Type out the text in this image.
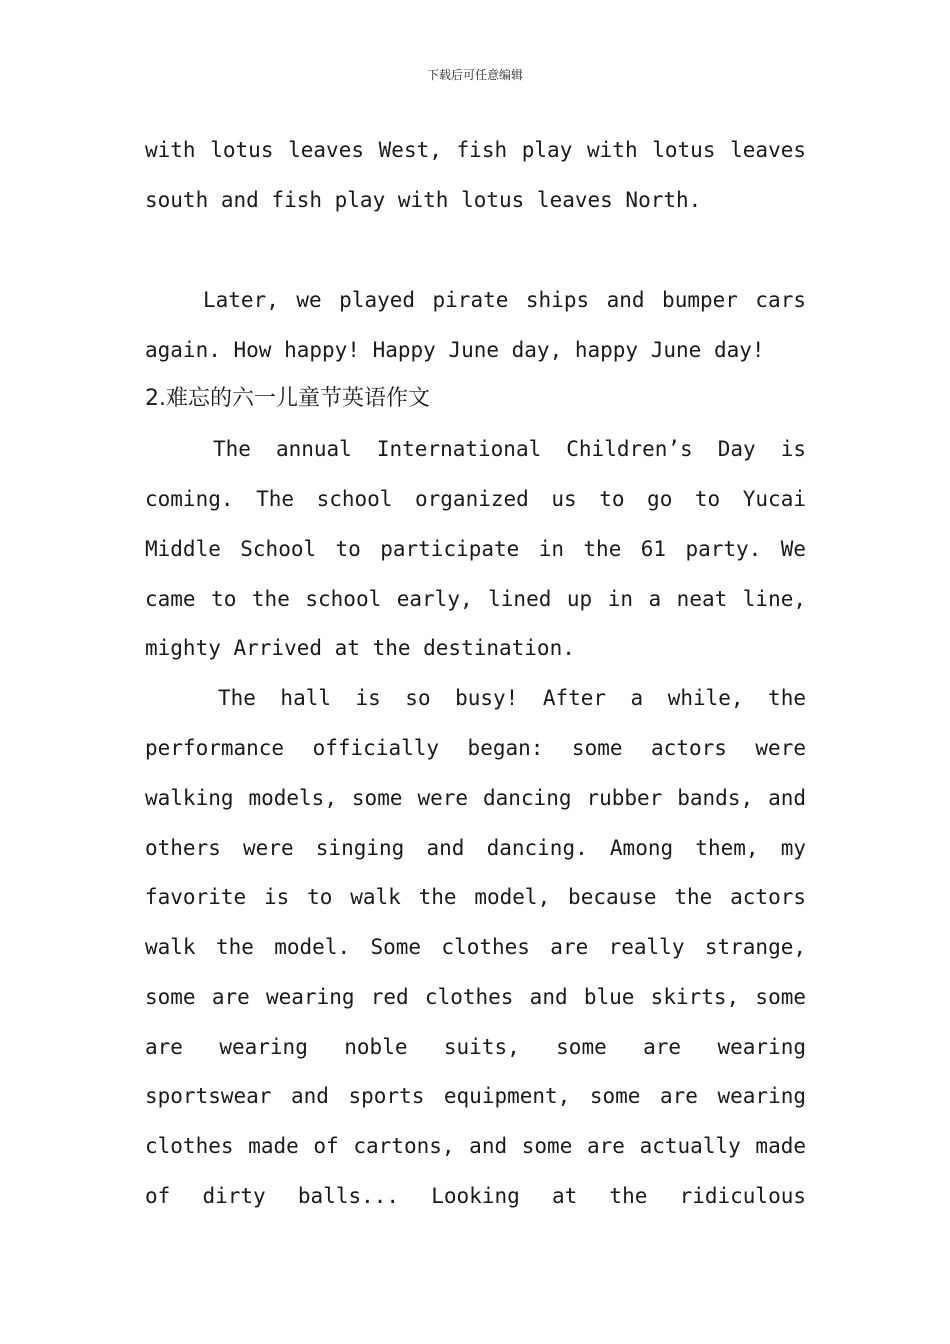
下载后可任意编辑
with lotus leaves West, fish play with lotus leaves
south and fish play with lotus leaves North.
Later, we played pirate ships and bumper cars
again. How happy! Happy June day, happy June day!
2.难忘的六一儿童节英语作文
The annual International Children’s Day is
coming. The school organized us to go to Yucai
Middle School to participate in the 61 party. We
came to the school early, lined up in a neat line,
mighty Arrived at the destination.
The hall is so busy! After a while, the
performance officially began: some actors were
walking models, some were dancing rubber bands, and
others were singing and dancing. Among them, my
favorite is to walk the model, because the actors
walk the model. Some clothes are really strange,
some are wearing red clothes and blue skirts, some
are wearing noble suits, some are wearing
sportswear and sports equipment, some are wearing
clothes made of cartons, and some are actually made
of dirty balls... Looking at the ridiculous
